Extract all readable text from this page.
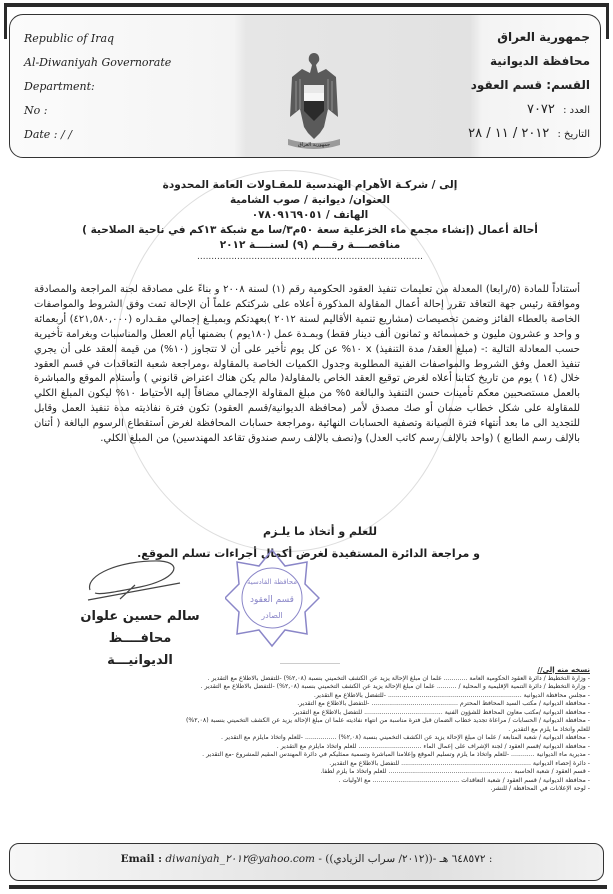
Republic of Iraq
Al-Diwaniyah Governorate
Department:
No :
Date : / /
جمهورية العراق
جمهورية العراق
محافظة الديوانية
القسم: قسم العقود
العدد : ٧٠٧٢
التاريخ : ٢٠١٢ / ١١ / ٢٨
إلى / شركـة الأهرام الهندسية للمقـاولات العامة المحدودة
العنوان/ ديوانية / صوب الشامية
الهاتف / ٠٧٨٠٩١٦٩٠٥١
أحالة أعمال (إنشاء مجمع ماء الخزعلية سعة ٥٠م٣/سا مع شبكة ١٣كم في ناحية الصلاحية )
مناقصــــة رقـــم (٩) لسنــــة ٢٠١٢
...............................................................................
أستناداً للمادة (٥/رابعا) المعدلة من تعليمات تنفيذ العقود الحكومية رقم (١) لسنة ٢٠٠٨ و بناءً على مصادقة لجنة المراجعة والمصادقة وموافقة رئيس جهة التعاقد تقرر إحالة أعمال المقاولة المذكورة أعلاه على شركتكم علماً أن الإحالة تمت وفق الشروط والمواصفات الخاصة بالعطاء الفائز وضمن تخصيصات (مشاريع تنمية الأقاليم لسنة ٢٠١٢ )بعهدتكم وبمبلـغ إجمالي مقـداره (٤٢١,٥٨٠,٠٠٠) أربعمائة و واحد و عشرون مليون و خمسمائة و ثمانون ألف دينار فقط) وبمـدة عمل (١٨٠يوم ) بضمنها أيام العطل والمناسبات وبغرامة تأخيرية حسب المعادلة التالية :- (مبلغ العقد/ مدة التنفيذ) x ١٠% عن كل يوم تأخير على أن لا تتجاوز (١٠%) من قيمة العقد على أن يجري تنفيذ العمل وفق الشروط والمواصفات الفنية المطلوبة وجدول الكميات الخاصة بالمقاولة ،ومراجعة شعبة التعاقدات في قسم العقود خلال (١٤ ) يوم من تاريخ كتابنا أعلاه لغرض توقيع العقد الخاص بالمقاولة( مالم يكن هناك اعتراض قانوني ) وأستلام الموقع والمباشرة بالعمل مستصحبين معكم تأمينات حسن التنفيذ والبالغة ٥% من مبلغ المقاولة الإجمالي مضافاً إليه الأحتياط ١٠% ليكون المبلغ الكلي للمقاولة على شكل خطاب ضمان أو صك مصدق لأمر (محافظة الديوانية/قسم العقود) تكون فترة نفاذيته مدة تنفيذ العمل وقابل للتجديد الى ما بعد أنتهاء فترة الصيانة وتصفية الحسابات النهائية ،ومراجعة حسابات المحافظة لغرض أستقطاع الرسوم البالغة ( أثنان بالإلف رسم الطابع ) (واحد بالإلف رسم كاتب العدل) و(نصف بالإلف رسم صندوق تقاعد المهندسين) من المبلغ الكلي.
للعلم و أتخاذ ما يلـزم
و مراجعة الدائرة المستفيدة لغرض أكمال أجراءات تسلم الموقع.
محافظة القادسية
قسم العقود
الصادر
سالم حسين علوان
محافــــظ الديوانيـــة
نسخه منه إلى//
- وزارة التخطيط / دائرة العقود الحكومية العامة ............ علما ان مبلغ الإحالة يزيد عن الكشف التخميني بنسبة (٢,٠٨%) -للتفضل بالاطلاع مع التقدير .
- وزارة التخطيط / دائرة التنمية الإقليمية و المحلية / .......... علما ان مبلغ الإحالة يزيد عن الكشف التخميني بنسبة (٢,٠٨%) -للتفضل بالاطلاع مع التقدير .
- مجلس محافظة الديوانية .................................................................... -للتفضل بالاطلاع مع التقدير.
- محافظة الديوانية / مكتب السيد المحافظ المحترم ............................................ -للتفضل بالاطلاع مع التقدير.
- محافظة الديوانية /مكتب معاون المحافظ للشؤون الفنية ........................................ للتفضل بالاطلاع مع التقدير.
- محافظة الديوانية / الحسابات / مراعاة تجديد خطاب الضمان قبل فترة مناسبة من انتهاء نفاذيته علما ان مبلغ الإحالة يزيد عن الكشف التخميني بنسبة (٢,٠٨%)
للعلم واتخاذ ما يلزم مع التقدير .
- محافظة الديوانية / شعبة المتابعة / علما ان مبلغ الإحالة يزيد عن الكشف التخميني بنسبة (٢,٠٨%) ................ -للعلم واتخاذ مايلزم مع التقدير .
- محافظة الديوانية /قسم العقود / لجنة الإشراف على إعمال الماء ................................ للعلم واتخاذ مايلزم مع التقدير .
- مديرية ماء الديوانية ............ -للعلم واتخاذ ما يلزم وتسليم الموقع وإعلامنا المباشرة وتسمية ممثليكم في دائرة المهندس المقيم للمشروع -مع التقدير .
- دائرة إحصاء الديوانية .................................................................. للتفضل بالاطلاع مع التقدير.
- قسم العقود / شعبة الحاسبة ............................................................... للعلم واتخاذ ما يلزم لطفاً.
- محافظة الديوانية / قسم العقود / شعبة التعاقدات ............................................ مع الأوليات .
- لوحة الإعلانات في المحافظة / للنشر.
Email : diwaniyah_٢٠١٢@yahoo.com - ((٢٠١٢/ سراب الزيادي))- ٦٤٨٥٧٢ هـ :
